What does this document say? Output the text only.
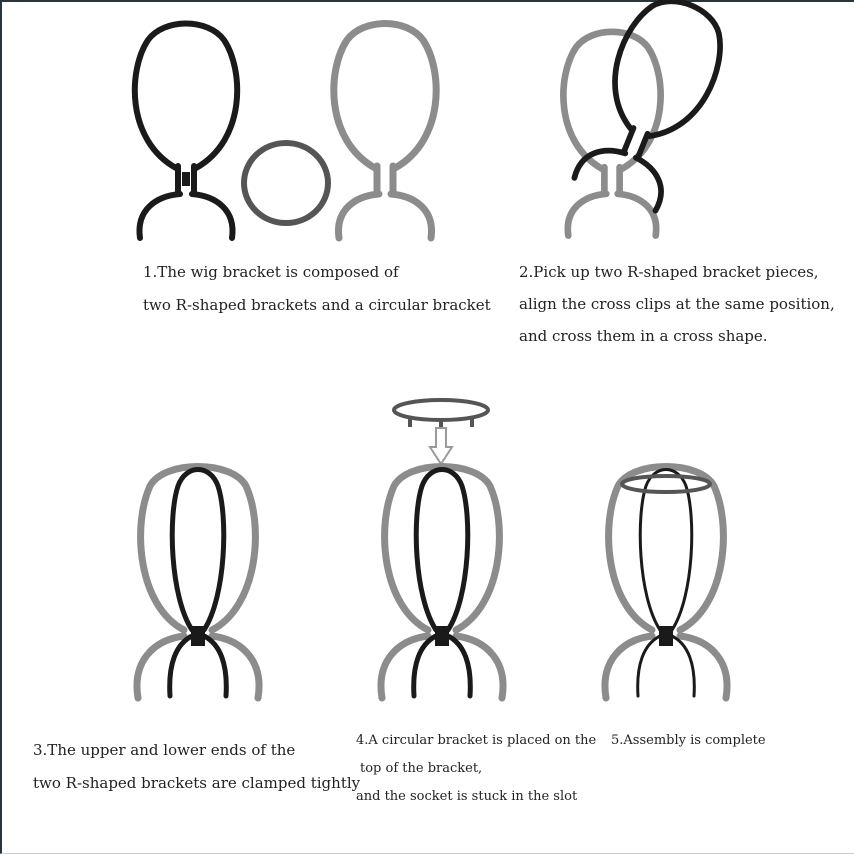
1.The wig bracket is composed of
two R-shaped brackets and a circular bracket
2.Pick up two R-shaped bracket pieces,
align the cross clips at the same position,
and cross them in a cross shape.
3.The upper and lower ends of the
two R-shaped brackets are clamped tightly
4.A circular bracket is placed on the
top of the bracket,
and the socket is stuck in the slot
5.Assembly is complete
